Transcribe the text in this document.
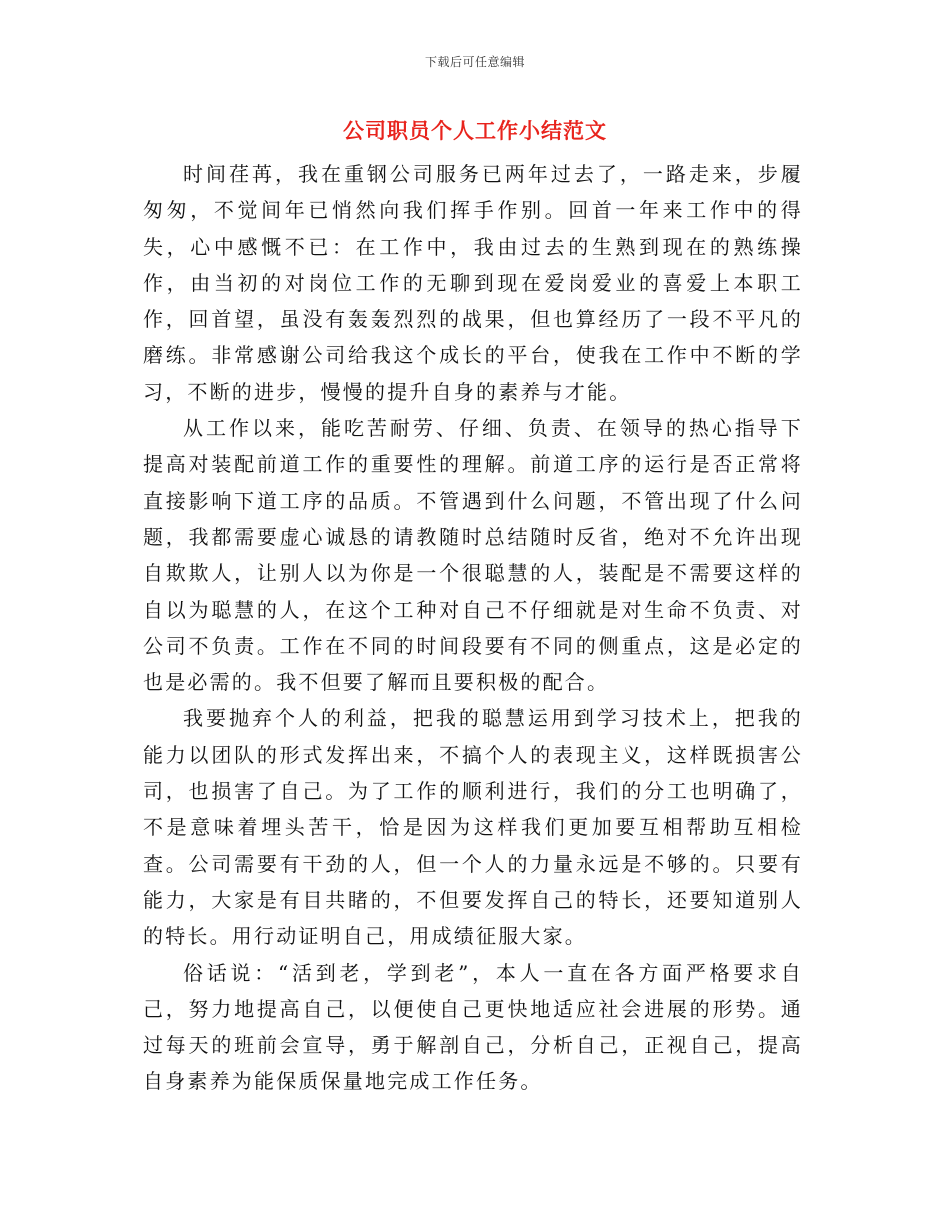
下载后可任意编辑
公司职员个人工作小结范文

时间荏苒，我在重钢公司服务已两年过去了，一路走来，步履匆匆，不觉间年已悄然向我们挥手作别。回首一年来工作中的得失，心中感慨不已：在工作中，我由过去的生熟到现在的熟练操作，由当初的对岗位工作的无聊到现在爱岗爱业的喜爱上本职工作，回首望，虽没有轰轰烈烈的战果，但也算经历了一段不平凡的磨练。非常感谢公司给我这个成长的平台，使我在工作中不断的学习，不断的进步，慢慢的提升自身的素养与才能。

从工作以来，能吃苦耐劳、仔细、负责、在领导的热心指导下提高对装配前道工作的重要性的理解。前道工序的运行是否正常将直接影响下道工序的品质。不管遇到什么问题，不管出现了什么问题，我都需要虚心诚恳的请教随时总结随时反省，绝对不允许出现自欺欺人，让别人以为你是一个很聪慧的人，装配是不需要这样的自以为聪慧的人，在这个工种对自己不仔细就是对生命不负责、对公司不负责。工作在不同的时间段要有不同的侧重点，这是必定的也是必需的。我不但要了解而且要积极的配合。

我要抛弃个人的利益，把我的聪慧运用到学习技术上，把我的能力以团队的形式发挥出来，不搞个人的表现主义，这样既损害公司，也损害了自己。为了工作的顺利进行，我们的分工也明确了，不是意味着埋头苦干，恰是因为这样我们更加要互相帮助互相检查。公司需要有干劲的人，但一个人的力量永远是不够的。只要有能力，大家是有目共睹的，不但要发挥自己的特长，还要知道别人的特长。用行动证明自己，用成绩征服大家。

俗话说：“活到老，学到老”，本人一直在各方面严格要求自己，努力地提高自己，以便使自己更快地适应社会进展的形势。通过每天的班前会宣导，勇于解剖自己，分析自己，正视自己，提高自身素养为能保质保量地完成工作任务。
